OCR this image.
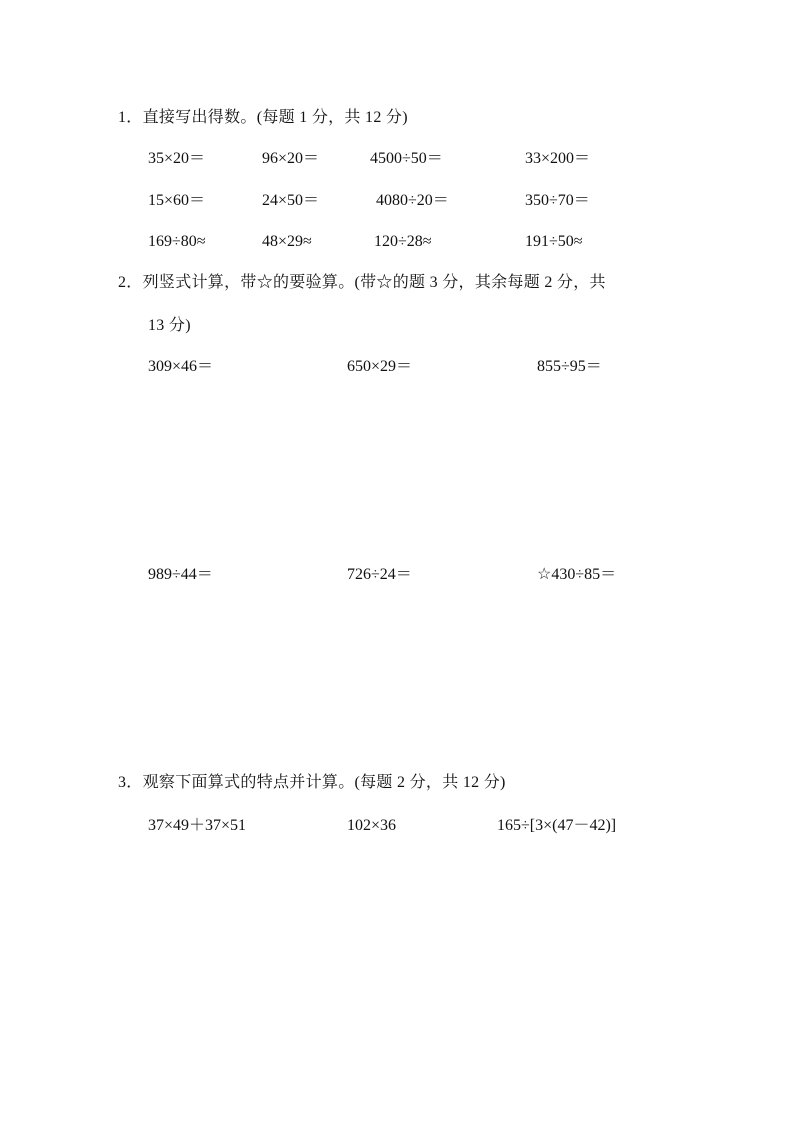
1．直接写出得数。(每题 1 分，共 12 分)
35×20＝	96×20＝	4500÷50＝	33×200＝
15×60＝	24×50＝	4080÷20＝	350÷70＝
169÷80≈	48×29≈	120÷28≈	191÷50≈
2．列竖式计算，带☆的要验算。(带☆的题 3 分，其余每题 2 分，共
13 分)
309×46＝	650×29＝	855÷95＝
989÷44＝	726÷24＝	☆430÷85＝
3．观察下面算式的特点并计算。(每题 2 分，共 12 分)
37×49＋37×51	102×36	165÷[3×(47－42)]
